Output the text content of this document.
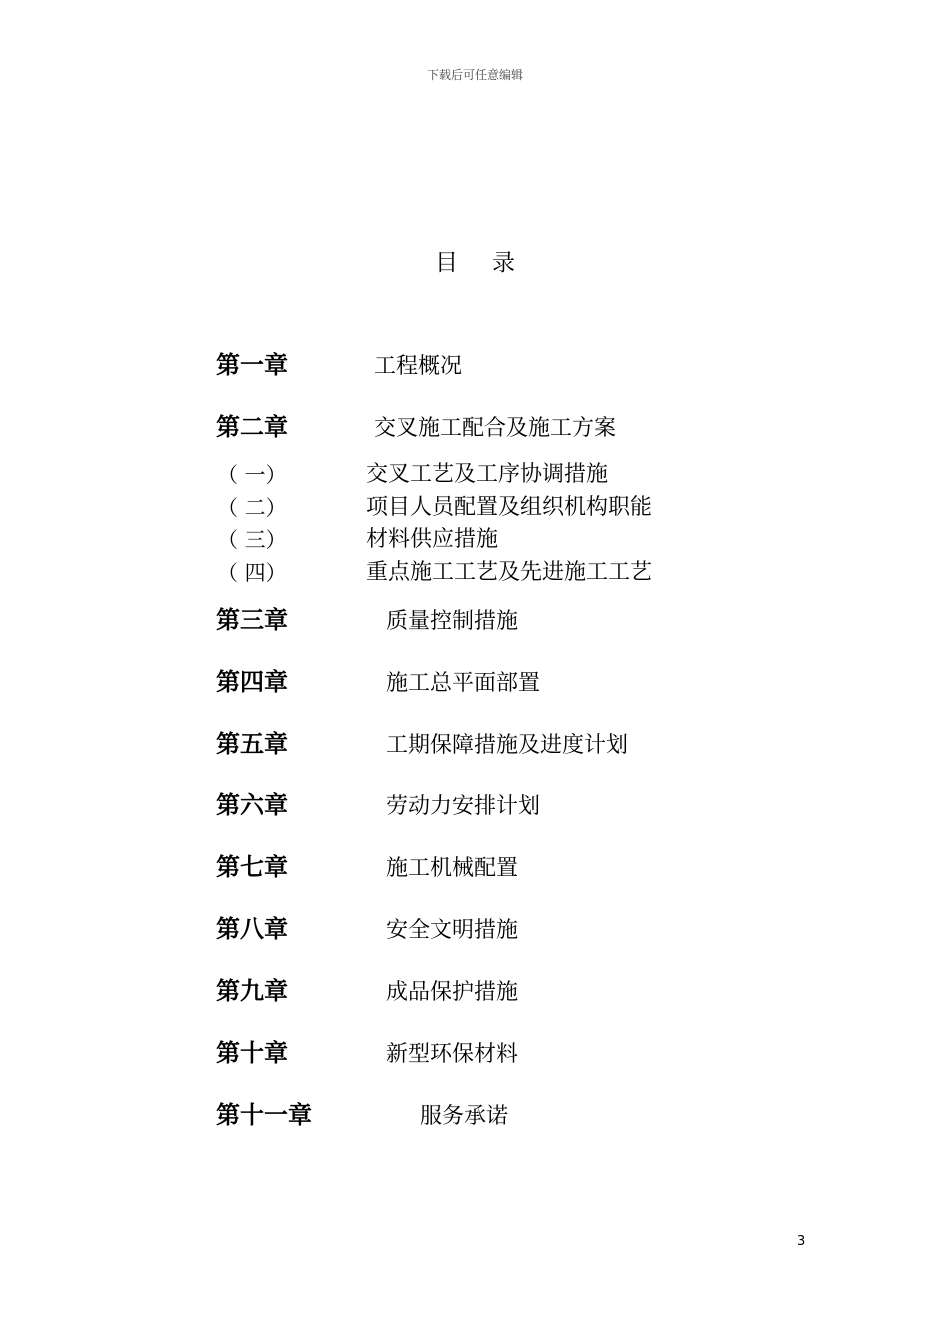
下载后可任意编辑
目录
第一章	工程概况
第二章	交叉施工配合及施工方案
（ 一）	交叉工艺及工序协调措施
（ 二）	项目人员配置及组织机构职能
（ 三）	材料供应措施
（ 四）	重点施工工艺及先进施工工艺
第三章	质量控制措施
第四章	施工总平面部置
第五章	工期保障措施及进度计划
第六章	劳动力安排计划
第七章	施工机械配置
第八章	安全文明措施
第九章	成品保护措施
第十章	新型环保材料
第十一章	服务承诺
3
